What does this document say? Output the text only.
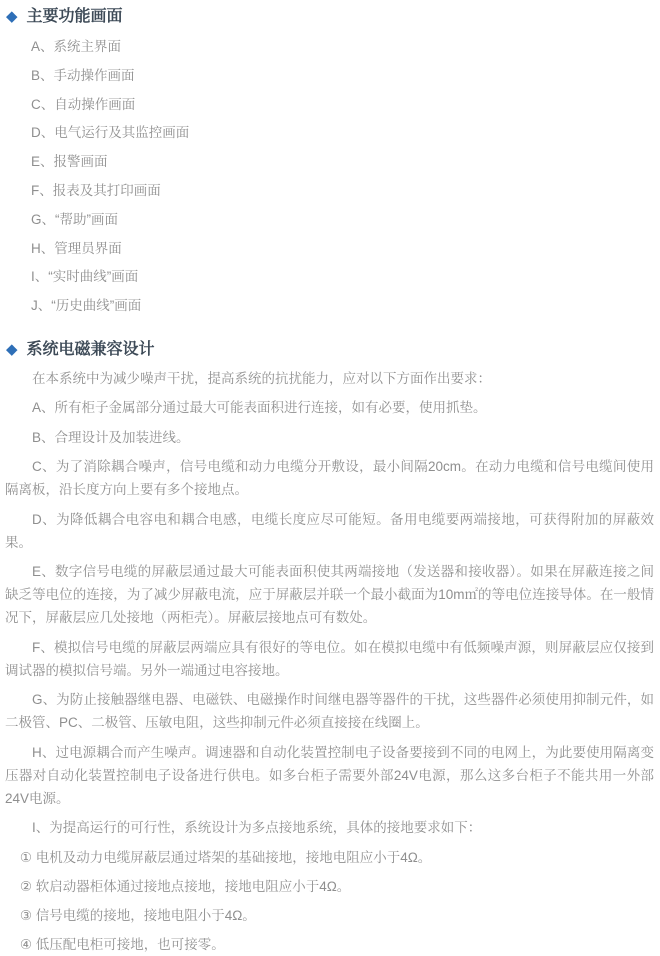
◆ 主要功能画面
A、系统主界面
B、手动操作画面
C、自动操作画面
D、电气运行及其监控画面
E、报警画面
F、报表及其打印画面
G、“帮助”画面
H、管理员界面
I、“实时曲线”画面
J、“历史曲线”画面
◆ 系统电磁兼容设计

在本系统中为减少噪声干扰，提高系统的抗扰能力，应对以下方面作出要求：

A、所有柜子金属部分通过最大可能表面积进行连接，如有必要，使用抓垫。

B、合理设计及加装进线。

C、为了消除耦合噪声，信号电缆和动力电缆分开敷设，最小间隔20cm。在动力电缆和信号电缆间使用隔离板，沿长度方向上要有多个接地点。

D、为降低耦合电容电和耦合电感，电缆长度应尽可能短。备用电缆要两端接地，可获得附加的屏蔽效果。

E、数字信号电缆的屏蔽层通过最大可能表面积使其两端接地（发送器和接收器）。如果在屏蔽连接之间缺乏等电位的连接，为了减少屏蔽电流，应于屏蔽层并联一个最小截面为10m㎡的等电位连接导体。在一般情况下，屏蔽层应几处接地（两柜壳）。屏蔽层接地点可有数处。

F、模拟信号电缆的屏蔽层两端应具有很好的等电位。如在模拟电缆中有低频噪声源，则屏蔽层应仅接到调试器的模拟信号端。另外一端通过电容接地。

G、为防止接触器继电器、电磁铁、电磁操作时间继电器等器件的干扰，这些器件必须使用抑制元件，如二极管、PC、二极管、压敏电阻，这些抑制元件必须直接接在线圈上。

H、过电源耦合而产生噪声。调速器和自动化装置控制电子设备要接到不同的电网上，为此要使用隔离变压器对自动化装置控制电子设备进行供电。如多台柜子需要外部24V电源，那么这多台柜子不能共用一外部24V电源。

I、为提高运行的可行性，系统设计为多点接地系统，具体的接地要求如下：

① 电机及动力电缆屏蔽层通过塔架的基础接地，接地电阻应小于4Ω。

② 软启动器柜体通过接地点接地，接地电阻应小于4Ω。

③ 信号电缆的接地，接地电阻小于4Ω。

④ 低压配电柜可接地，也可接零。
